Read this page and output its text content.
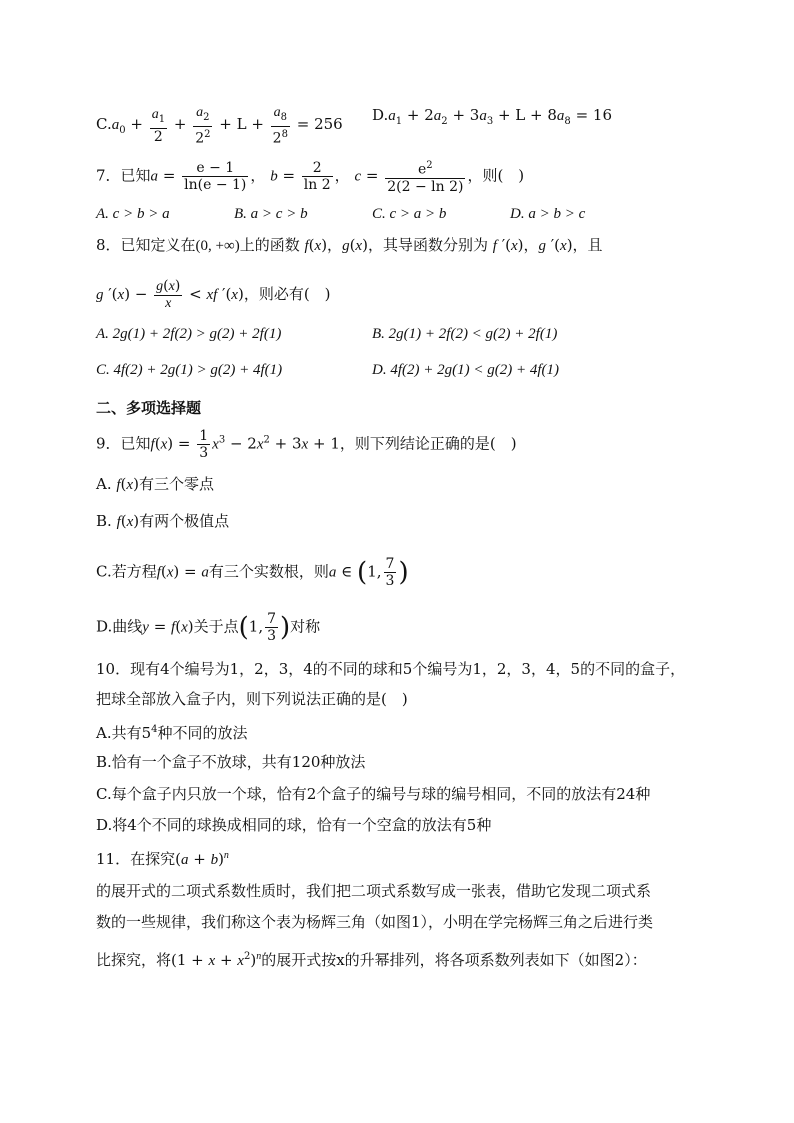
$C.a_0 + \frac{a_1}{2} + \frac{a_2}{2^2} + L + \frac{a_8}{2^8} = 256$
$D.a_1 + 2a_2 + 3a_3 + L + 8a_8 = 16$
7．已知$a = \frac{e - 1}{\ln(e - 1)}$ ， $b = \frac{2}{\ln 2}$ ， $c = \frac{e^2}{2(2 - \ln 2)}$ ，则(　)
A. c > b > a	B. a > c > b	C. c > a > b	D. a > b > c
8．已知定义在(0, +∞)上的函数 f(x)，g(x)，其导函数分别为 f ′(x)，g ′(x)，且
g $'(x) - \frac{g(x)}{x}$ < xf ′(x)，则必有(　)
A. 2g(1) + 2f(2) > g(2) + 2f(1)	B. 2g(1) + 2f(2) < g(2) + 2f(1)
C. 4f(2) + 2g(1) > g(2) + 4f(1)	D. 4f(2) + 2g(1) < g(2) + 4f(1)
二、多项选择题
9．已知$f(x) = \frac{1}{3} x^3 - 2x^2 + 3x + 1$，则下列结论正确的是(　)
A. f(x)有三个零点
B. f(x)有两个极值点
C.若方程f(x) = a有三个实数根，则a ∈ (1, $\frac{7}{3}$ )
D.曲线y = f(x)关于点(1, $\frac{7}{3}$ )对称
10．现有4个编号为1，2，3，4的不同的球和5个编号为1，2，3，4，5的不同的盒子，
把球全部放入盒子内，则下列说法正确的是(　)
A.共有$5^4$种不同的放法
B.恰有一个盒子不放球，共有120种放法
C.每个盒子内只放一个球，恰有2个盒子的编号与球的编号相同，不同的放法有24种
D.将4个不同的球换成相同的球，恰有一个空盒的放法有5种
11．在探究$(a + b)^n$
的展开式的二项式系数性质时，我们把二项式系数写成一张表，借助它发现二项式系
数的一些规律，我们称这个表为杨辉三角（如图1），小明在学完杨辉三角之后进行类
比探究，将$(1 + x + x^2)^n$的展开式按x的升幂排列，将各项系数列表如下（如图2）：
